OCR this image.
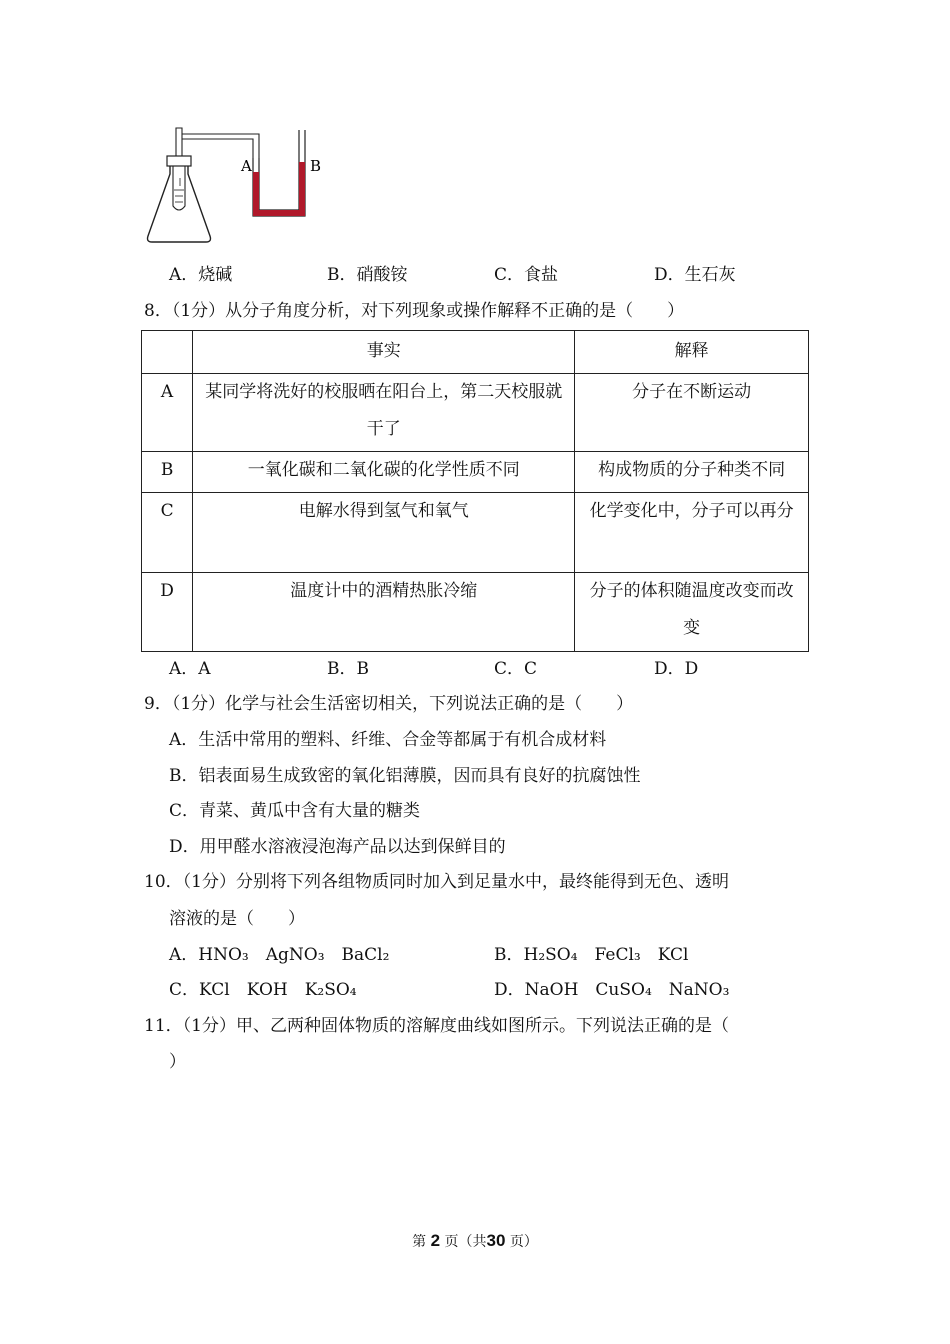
A	B
A．烧碱	B．硝酸铵	C．食盐	D．生石灰
8．（1分）从分子角度分析，对下列现象或操作解释不正确的是（　　）
	事实	解释
A	某同学将洗好的校服晒在阳台上，第二天校服就干了	分子在不断运动
B	一氧化碳和二氧化碳的化学性质不同	构成物质的分子种类不同
C	电解水得到氢气和氧气	化学变化中，分子可以再分
D	温度计中的酒精热胀冷缩	分子的体积随温度改变而改变
A．A	B．B	C．C	D．D
9．（1分）化学与社会生活密切相关，下列说法正确的是（　　）
A．生活中常用的塑料、纤维、合金等都属于有机合成材料
B．铝表面易生成致密的氧化铝薄膜，因而具有良好的抗腐蚀性
C．青菜、黄瓜中含有大量的糖类
D．用甲醛水溶液浸泡海产品以达到保鲜目的
10．（1分）分别将下列各组物质同时加入到足量水中，最终能得到无色、透明
溶液的是（　　）
A．HNO₃　AgNO₃　BaCl₂	B．H₂SO₄　FeCl₃　KCl
C．KCl　KOH　K₂SO₄	D．NaOH　CuSO₄　NaNO₃
11．（1分）甲、乙两种固体物质的溶解度曲线如图所示。下列说法正确的是（
）
第 2 页（共30 页）
